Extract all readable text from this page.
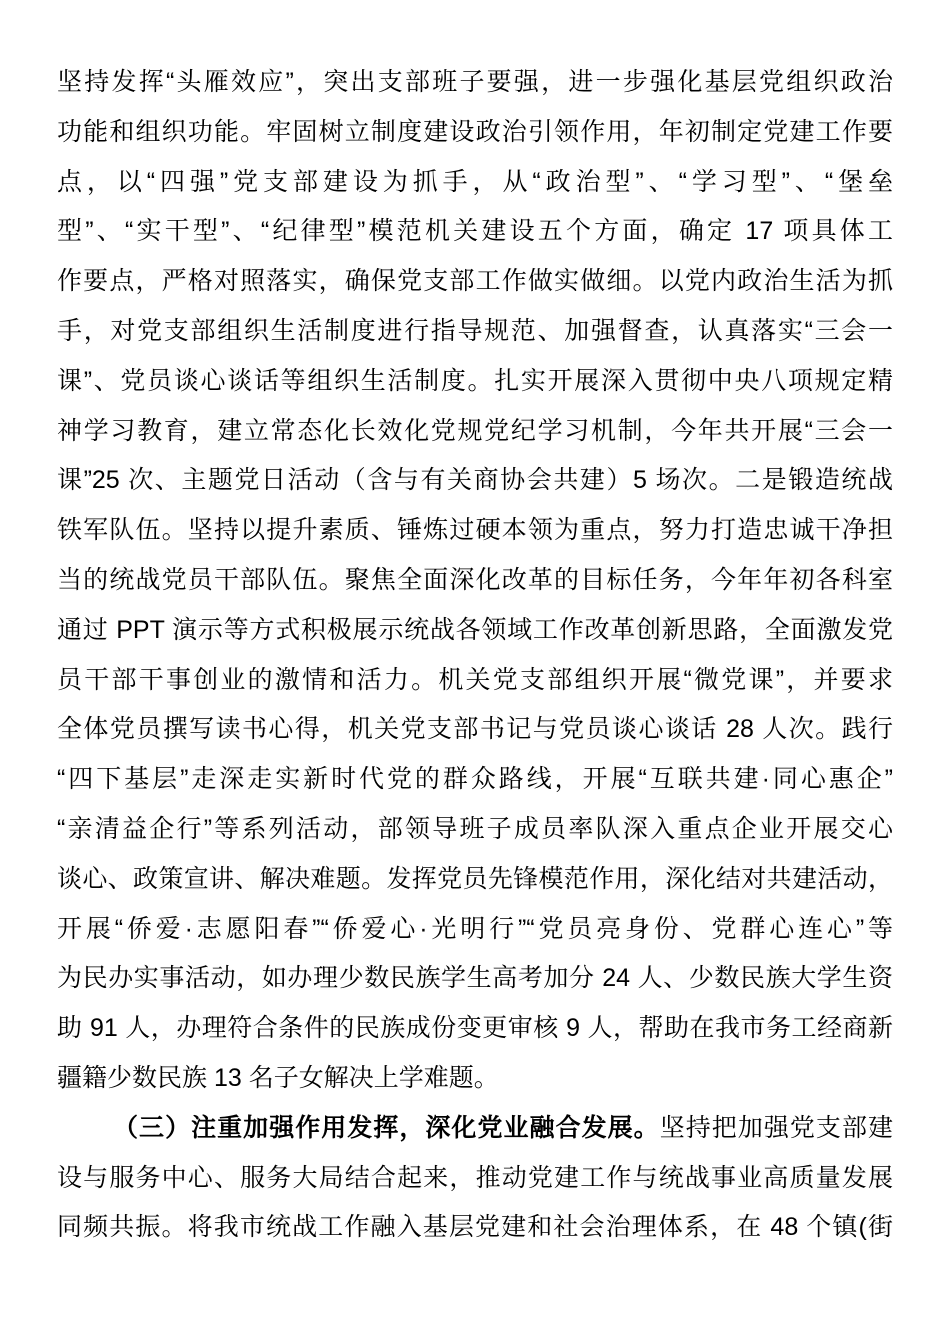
坚持发挥“头雁效应”，突出支部班子要强，进一步强化基层党组织政治
功能和组织功能。牢固树立制度建设政治引领作用，年初制定党建工作要
点，以“四强”党支部建设为抓手，从“政治型”、“学习型”、“堡垒
型”、“实干型”、“纪律型”模范机关建设五个方面，确定 17 项具体工
作要点，严格对照落实，确保党支部工作做实做细。以党内政治生活为抓
手，对党支部组织生活制度进行指导规范、加强督查，认真落实“三会一
课”、党员谈心谈话等组织生活制度。扎实开展深入贯彻中央八项规定精
神学习教育，建立常态化长效化党规党纪学习机制，今年共开展“三会一
课”25 次、主题党日活动（含与有关商协会共建）5 场次。二是锻造统战
铁军队伍。坚持以提升素质、锤炼过硬本领为重点，努力打造忠诚干净担
当的统战党员干部队伍。聚焦全面深化改革的目标任务，今年年初各科室
通过 PPT 演示等方式积极展示统战各领域工作改革创新思路，全面激发党
员干部干事创业的激情和活力。机关党支部组织开展“微党课”，并要求
全体党员撰写读书心得，机关党支部书记与党员谈心谈话 28 人次。践行
“四下基层”走深走实新时代党的群众路线，开展“互联共建·同心惠企”
“亲清益企行”等系列活动，部领导班子成员率队深入重点企业开展交心
谈心、政策宣讲、解决难题。发挥党员先锋模范作用，深化结对共建活动，
开展“侨爱·志愿阳春”“侨爱心·光明行”“党员亮身份、党群心连心”等
为民办实事活动，如办理少数民族学生高考加分 24 人、少数民族大学生资
助 91 人，办理符合条件的民族成份变更审核 9 人，帮助在我市务工经商新
疆籍少数民族 13 名子女解决上学难题。
（三）注重加强作用发挥，深化党业融合发展。坚持把加强党支部建
设与服务中心、服务大局结合起来，推动党建工作与统战事业高质量发展
同频共振。将我市统战工作融入基层党建和社会治理体系，在 48 个镇(街
